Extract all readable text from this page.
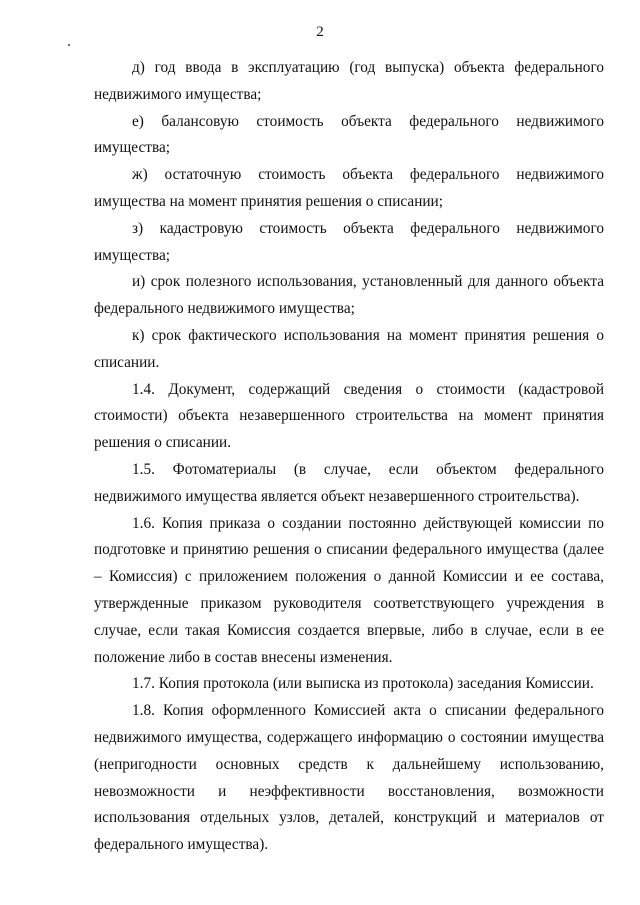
2

д) год ввода в эксплуатацию (год выпуска) объекта федерального недвижимого имущества;

е) балансовую стоимость объекта федерального недвижимого имущества;

ж) остаточную стоимость объекта федерального недвижимого имущества на момент принятия решения о списании;

з) кадастровую стоимость объекта федерального недвижимого имущества;

и) срок полезного использования, установленный для данного объекта федерального недвижимого имущества;

к) срок фактического использования на момент принятия решения о списании.

1.4. Документ, содержащий сведения о стоимости (кадастровой стоимости) объекта незавершенного строительства на момент принятия решения о списании.

1.5. Фотоматериалы (в случае, если объектом федерального недвижимого имущества является объект незавершенного строительства).

1.6. Копия приказа о создании постоянно действующей комиссии по подготовке и принятию решения о списании федерального имущества (далее – Комиссия) с приложением положения о данной Комиссии и ее состава, утвержденные приказом руководителя соответствующего учреждения в случае, если такая Комиссия создается впервые, либо в случае, если в ее положение либо в состав внесены изменения.

1.7. Копия протокола (или выписка из протокола) заседания Комиссии.

1.8. Копия оформленного Комиссией акта о списании федерального недвижимого имущества, содержащего информацию о состоянии имущества (непригодности основных средств к дальнейшему использованию, невозможности и неэффективности восстановления, возможности использования отдельных узлов, деталей, конструкций и материалов от федерального имущества).
